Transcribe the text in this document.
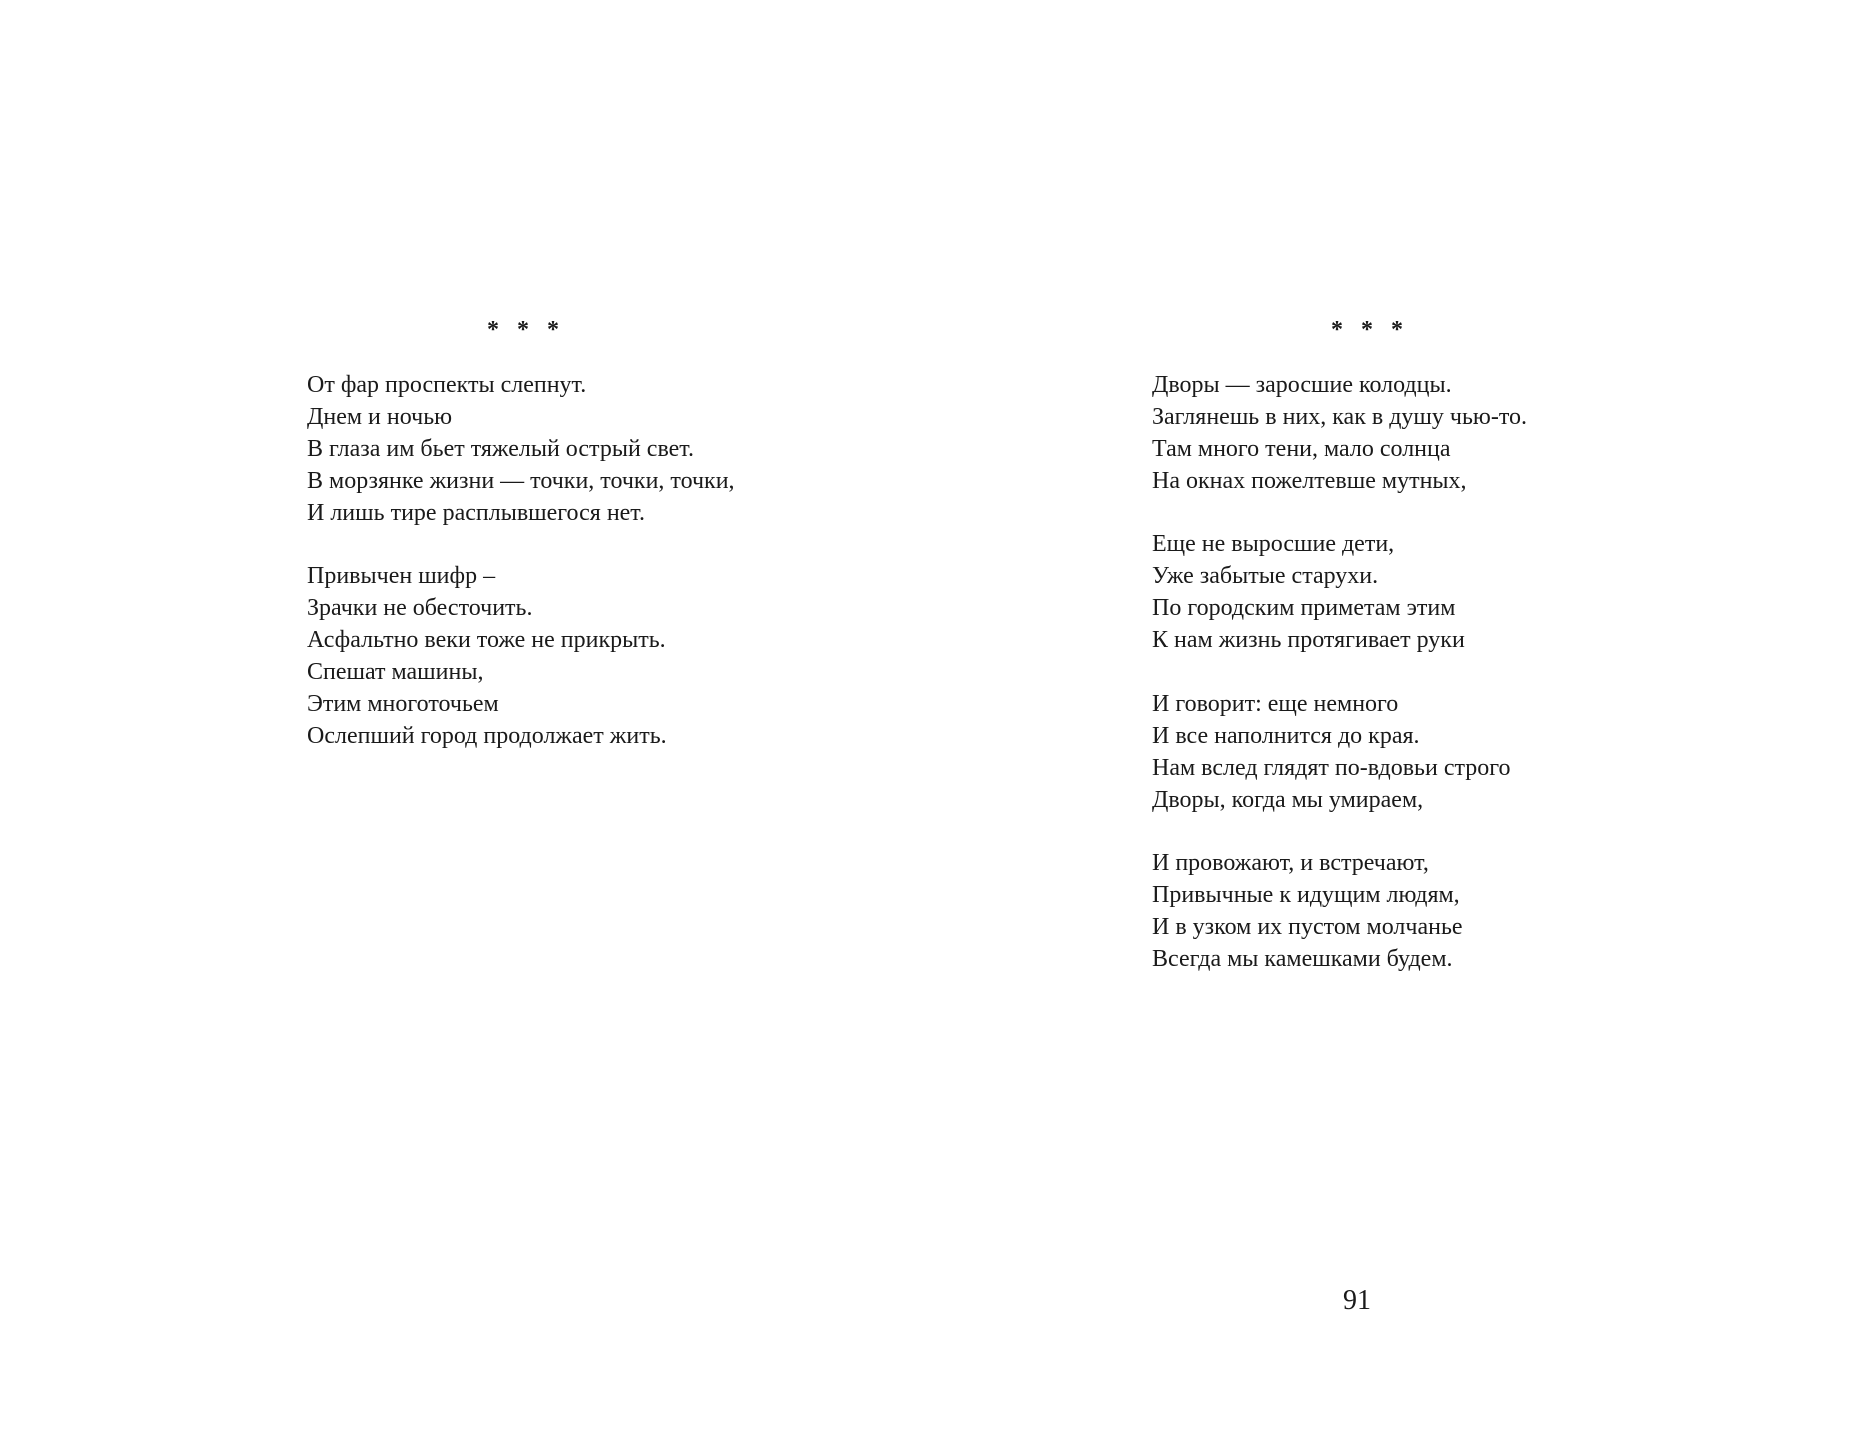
* * *
От фар проспекты слепнут.
Днем и ночью
В глаза им бьет тяжелый острый свет.
В морзянке жизни — точки, точки, точки,
И лишь тире расплывшегося нет.
Привычен шифр –
Зрачки не обесточить.
Асфальтно веки тоже не прикрыть.
Спешат машины,
Этим многоточьем
Ослепший город продолжает жить.
* * *
Дворы — заросшие колодцы.
Заглянешь в них, как в душу чью-то.
Там много тени, мало солнца
На окнах пожелтевше мутных,
Еще не выросшие дети,
Уже забытые старухи.
По городским приметам этим
К нам жизнь протягивает руки
И говорит: еще немного
И все наполнится до края.
Нам вслед глядят по-вдовьи строго
Дворы, когда мы умираем,
И провожают, и встречают,
Привычные к идущим людям,
И в узком их пустом молчанье
Всегда мы камешками будем.
91
